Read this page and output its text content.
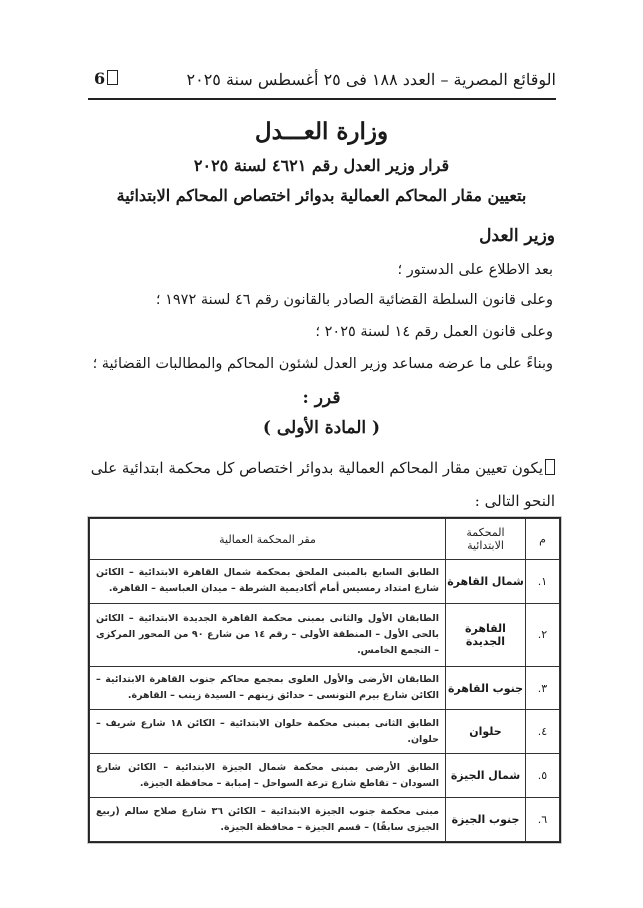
الوقائع المصرية – العدد ١٨٨ فى ٢٥ أغسطس سنة ٢٠٢٥
6
وزارة العـــدل
قرار وزير العدل رقم ٤٦٢١ لسنة ٢٠٢٥
بتعيين مقار المحاكم العمالية بدوائر اختصاص المحاكم الابتدائية
وزير العدل
بعد الاطلاع على الدستور ؛
وعلى قانون السلطة القضائية الصادر بالقانون رقم ٤٦ لسنة ١٩٧٢ ؛
وعلى قانون العمل رقم ١٤ لسنة ٢٠٢٥ ؛
وبناءً على ما عرضه مساعد وزير العدل لشئون المحاكم والمطالبات القضائية ؛
قرر :
( المادة الأولى )
يكون تعيين مقار المحاكم العمالية بدوائر اختصاص كل محكمة ابتدائية على النحو التالى :
م	المحكمة الابتدائية	مقر المحكمة العمالية
١.	شمال القاهرة	الطابق السابع بالمبنى الملحق بمحكمة شمال القاهرة الابتدائية – الكائن شارع امتداد رمسيس أمام أكاديمية الشرطة – ميدان العباسية – القاهرة.
٢.	القاهرة الجديدة	الطابقان الأول والثانى بمبنى محكمة القاهرة الجديدة الابتدائية – الكائن بالحى الأول – المنطقة الأولى – رقم ١٤ من شارع ٩٠ من المحور المركزى – التجمع الخامس.
٣.	جنوب القاهرة	الطابقان الأرضى والأول العلوى بمجمع محاكم جنوب القاهرة الابتدائية – الكائن شارع بيرم التونسى – حدائق زينهم – السيدة زينب – القاهرة.
٤.	حلوان	الطابق الثانى بمبنى محكمة حلوان الابتدائية – الكائن ١٨ شارع شريف – حلوان.
٥.	شمال الجيزة	الطابق الأرضى بمبنى محكمة شمال الجيزة الابتدائية – الكائن شارع السودان – تقاطع شارع ترعة السواحل – إمبابة – محافظة الجيزة.
٦.	جنوب الجيزة	مبنى محكمة جنوب الجيزة الابتدائية – الكائن ٣٦ شارع صلاح سالم (ربيع الجيزى سابقًا) – قسم الجيزة – محافظة الجيزة.
